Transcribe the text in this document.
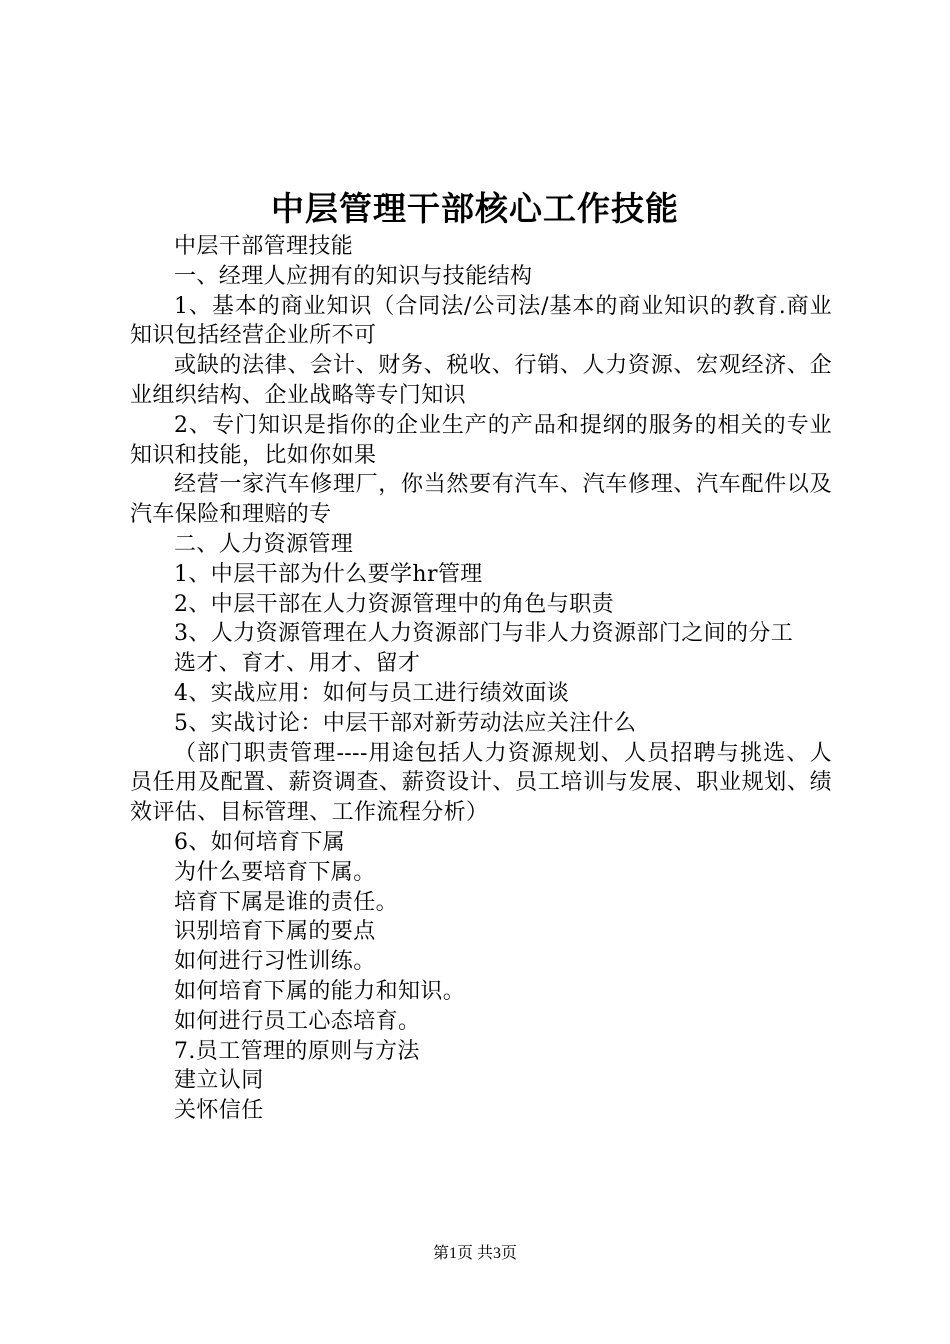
中层管理干部核心工作技能

中层干部管理技能

一、经理人应拥有的知识与技能结构

1、基本的商业知识（合同法/公司法/基本的商业知识的教育.商业知识包括经营企业所不可

或缺的法律、会计、财务、税收、行销、人力资源、宏观经济、企业组织结构、企业战略等专门知识

2、专门知识是指你的企业生产的产品和提纲的服务的相关的专业知识和技能，比如你如果

经营一家汽车修理厂，你当然要有汽车、汽车修理、汽车配件以及汽车保险和理赔的专

二、人力资源管理

1、中层干部为什么要学hr管理

2、中层干部在人力资源管理中的角色与职责

3、人力资源管理在人力资源部门与非人力资源部门之间的分工

选才、育才、用才、留才

4、实战应用：如何与员工进行绩效面谈

5、实战讨论：中层干部对新劳动法应关注什么

（部门职责管理----用途包括人力资源规划、人员招聘与挑选、人员任用及配置、薪资调查、薪资设计、员工培训与发展、职业规划、绩效评估、目标管理、工作流程分析）

6、如何培育下属

为什么要培育下属。

培育下属是谁的责任。

识别培育下属的要点

如何进行习性训练。

如何培育下属的能力和知识。

如何进行员工心态培育。

7.员工管理的原则与方法

建立认同

关怀信任

第1页 共3页
